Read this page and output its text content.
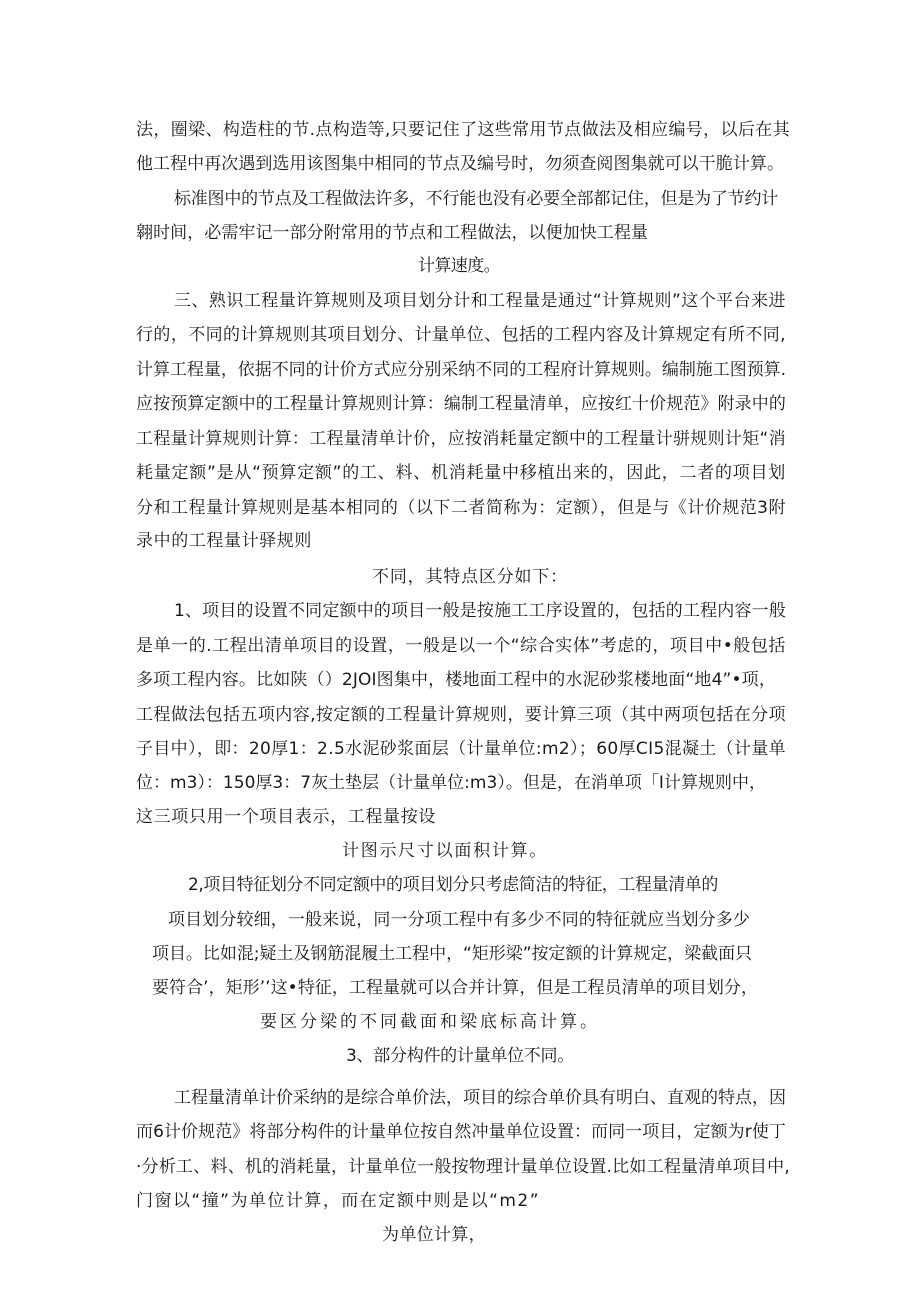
法，圈梁、构造柱的节.点构造等,只要记住了这些常用节点做法及相应编号，以后在其
他工程中再次遇到选用该图集中相同的节点及编号时，勿须查阅图集就可以干脆计算。
标准图中的节点及工程做法许多，不行能也没有必要全部都记住，但是为了节约计
翱时间，必需牢记一部分附常用的节点和工程做法，以便加快工程量
计算速度。
三、熟识工程量许算规则及项目划分计和工程量是通过“计算规则”这个平台来进
行的，不同的计算规则其项目划分、计量单位、包括的工程内容及计算规定有所不同,
计算工程量，依据不同的计价方式应分别采纳不同的工程府计算规则。编制施工图预算.
应按预算定额中的工程量计算规则计算：编制工程量清单，应按红十价规范》附录中的
工程量计算规则计算：工程量清单计价，应按消耗量定额中的工程量计骈规则计矩“消
耗量定额”是从“预算定额”的工、料、机消耗量中移植出来的，因此，二者的项目划
分和工程量计算规则是基本相同的（以下二者简称为：定额），但是与《计价规范3附
录中的工程量计驿规则
不同，其特点区分如下：
1、项目的设置不同定额中的项目一般是按施工工序设置的，包括的工程内容一般
是单一的.工程出清单项目的设置，一般是以一个“综合实体”考虑的，项目中•般包括
多项工程内容。比如陕（）2JOI图集中，楼地面工程中的水泥砂浆楼地面“地4”•项，
工程做法包括五项内容,按定额的工程量计算规则，要计算三项（其中两项包括在分项
子目中），即：20厚1：2.5水泥砂浆面层（计量单位:m2）；60厚CI5混凝土（计量单
位：m3）：150厚3：7灰土垫层（计量单位:m3）。但是，在消单项「I计算规则中，
这三项只用一个项目表示，工程量按设
计图示尺寸以面积计算。
2,项目特征划分不同定额中的项目划分只考虑简洁的特征，工程量清单的
项目划分较细，一般来说，同一分项工程中有多少不同的特征就应当划分多少
项目。比如混;疑土及钢筋混履土工程中，“矩形梁”按定额的计算规定，梁截面只
要符合’，矩形’’这•特征，工程量就可以合并计算，但是工程员清单的项目划分，
要区分梁的不同截面和梁底标高计算。
3、部分构件的计量单位不同。
工程量清单计价采纳的是综合单价法，项目的综合单价具有明白、直观的特点，因
而6计价规范》将部分构件的计量单位按自然冲量单位设置：而同一项目，定额为r使丁
·分析工、料、机的消耗量，计量单位一般按物理计量单位设置.比如工程量清单项目中,
门窗以“撞”为单位计算，而在定额中则是以“m2”
为单位计算，
